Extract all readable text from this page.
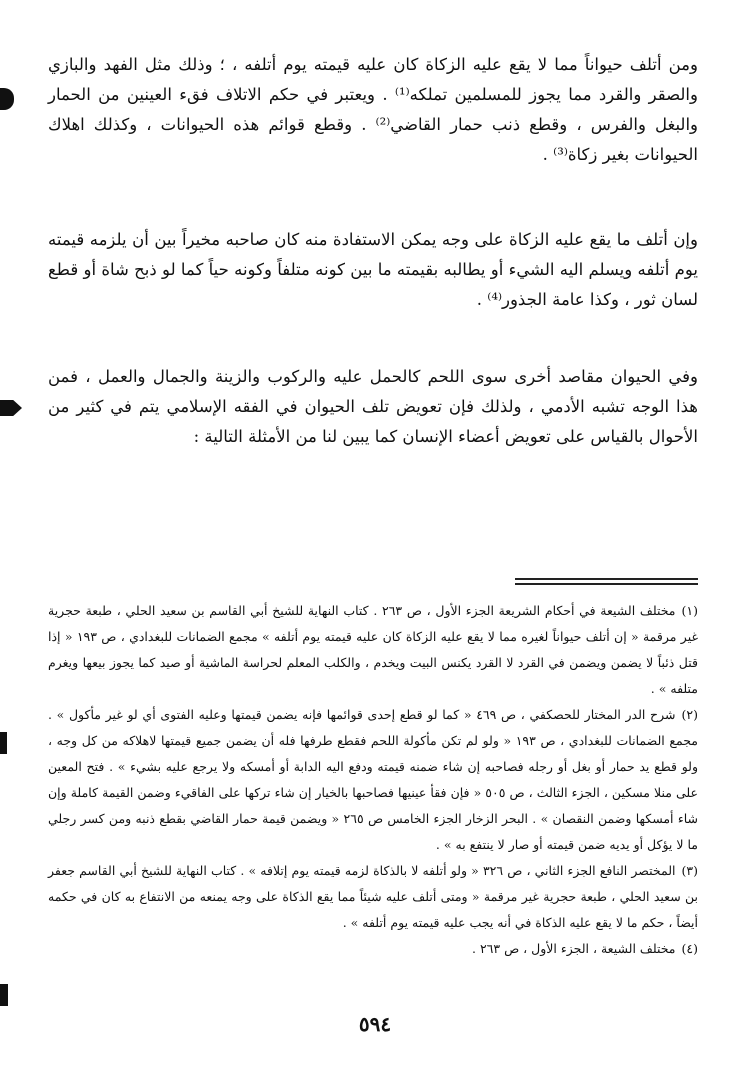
ومن أتلف حيواناً مما لا يقع عليه الزكاة كان عليه قيمته يوم أتلفه ، ؛ وذلك مثل الفهد والبازي والصقر والقرد مما يجوز للمسلمين تملكه⁽¹⁾ . ويعتبر في حكم الاتلاف فقء العينين من الحمار والبغل والفرس ، وقطع ذنب حمار القاضي⁽²⁾ . وقطع قوائم هذه الحيوانات ، وكذلك اهلاك الحيوانات بغير زكاة⁽³⁾ .

وإن أتلف ما يقع عليه الزكاة على وجه يمكن الاستفادة منه كان صاحبه مخيراً بين أن يلزمه قيمته يوم أتلفه ويسلم اليه الشيء أو يطالبه بقيمته ما بين كونه متلفاً وكونه حياً كما لو ذبح شاة أو قطع لسان ثور ، وكذا عامة الجذور⁽⁴⁾ .

وفي الحيوان مقاصد أخرى سوى اللحم كالحمل عليه والركوب والزينة والجمال والعمل ، فمن هذا الوجه تشبه الأدمي ، ولذلك فإن تعويض تلف الحيوان في الفقه الإسلامي يتم في كثير من الأحوال بالقياس على تعويض أعضاء الإنسان كما يبين لنا من الأمثلة التالية :

(١)مختلف الشيعة في أحكام الشريعة الجزء الأول ، ص ٢٦٣ . كتاب النهاية للشيخ أبي القاسم بن سعيد الحلي ، طبعة حجرية غير مرقمة « إن أتلف حيواناً لغيره مما لا يقع عليه الزكاة كان عليه قيمته يوم أتلفه » مجمع الضمانات للبغدادي ، ص ١٩٣ « إذا قتل ذئباً لا يضمن ويضمن في القرد لا القرد يكنس البيت ويخدم ، والكلب المعلم لحراسة الماشية أو صيد كما يجوز بيعها ويغرم متلفه » .

(٢)شرح الدر المختار للحصكفي ، ص ٤٦٩ « كما لو قطع إحدى قوائمها فإنه يضمن قيمتها وعليه الفتوى أي لو غير مأكول » . مجمع الضمانات للبغدادي ، ص ١٩٣ « ولو لم تكن مأكولة اللحم فقطع طرفها فله أن يضمن جميع قيمتها لاهلاكه من كل وجه ، ولو قطع يد حمار أو بغل أو رجله فصاحبه إن شاء ضمنه قيمته ودفع اليه الدابة أو أمسكه ولا يرجع عليه بشيء » . فتح المعين على منلا مسكين ، الجزء الثالث ، ص ٥٠٥ « فإن فقأ عينيها فصاحبها بالخيار إن شاء تركها على الفاقيء وضمن القيمة كاملة وإن شاء أمسكها وضمن النقصان » . البحر الزخار الجزء الخامس ص ٢٦٥ « ويضمن قيمة حمار القاضي بقطع ذنبه ومن كسر رجلي ما لا يؤكل أو يديه ضمن قيمته أو صار لا ينتفع به » .

(٣)المختصر النافع الجزء الثاني ، ص ٣٢٦ « ولو أتلفه لا بالذكاة لزمه قيمته يوم إتلافه » . كتاب النهاية للشيخ أبي القاسم جعفر بن سعيد الحلي ، طبعة حجرية غير مرقمة « ومتى أتلف عليه شيئاً مما يقع الذكاة على وجه يمنعه من الانتفاع به كان في حكمه أيضاً ، حكم ما لا يقع عليه الذكاة في أنه يجب عليه قيمته يوم أتلفه » .

(٤)مختلف الشيعة ، الجزء الأول ، ص ٢٦٣ .

٥٩٤
